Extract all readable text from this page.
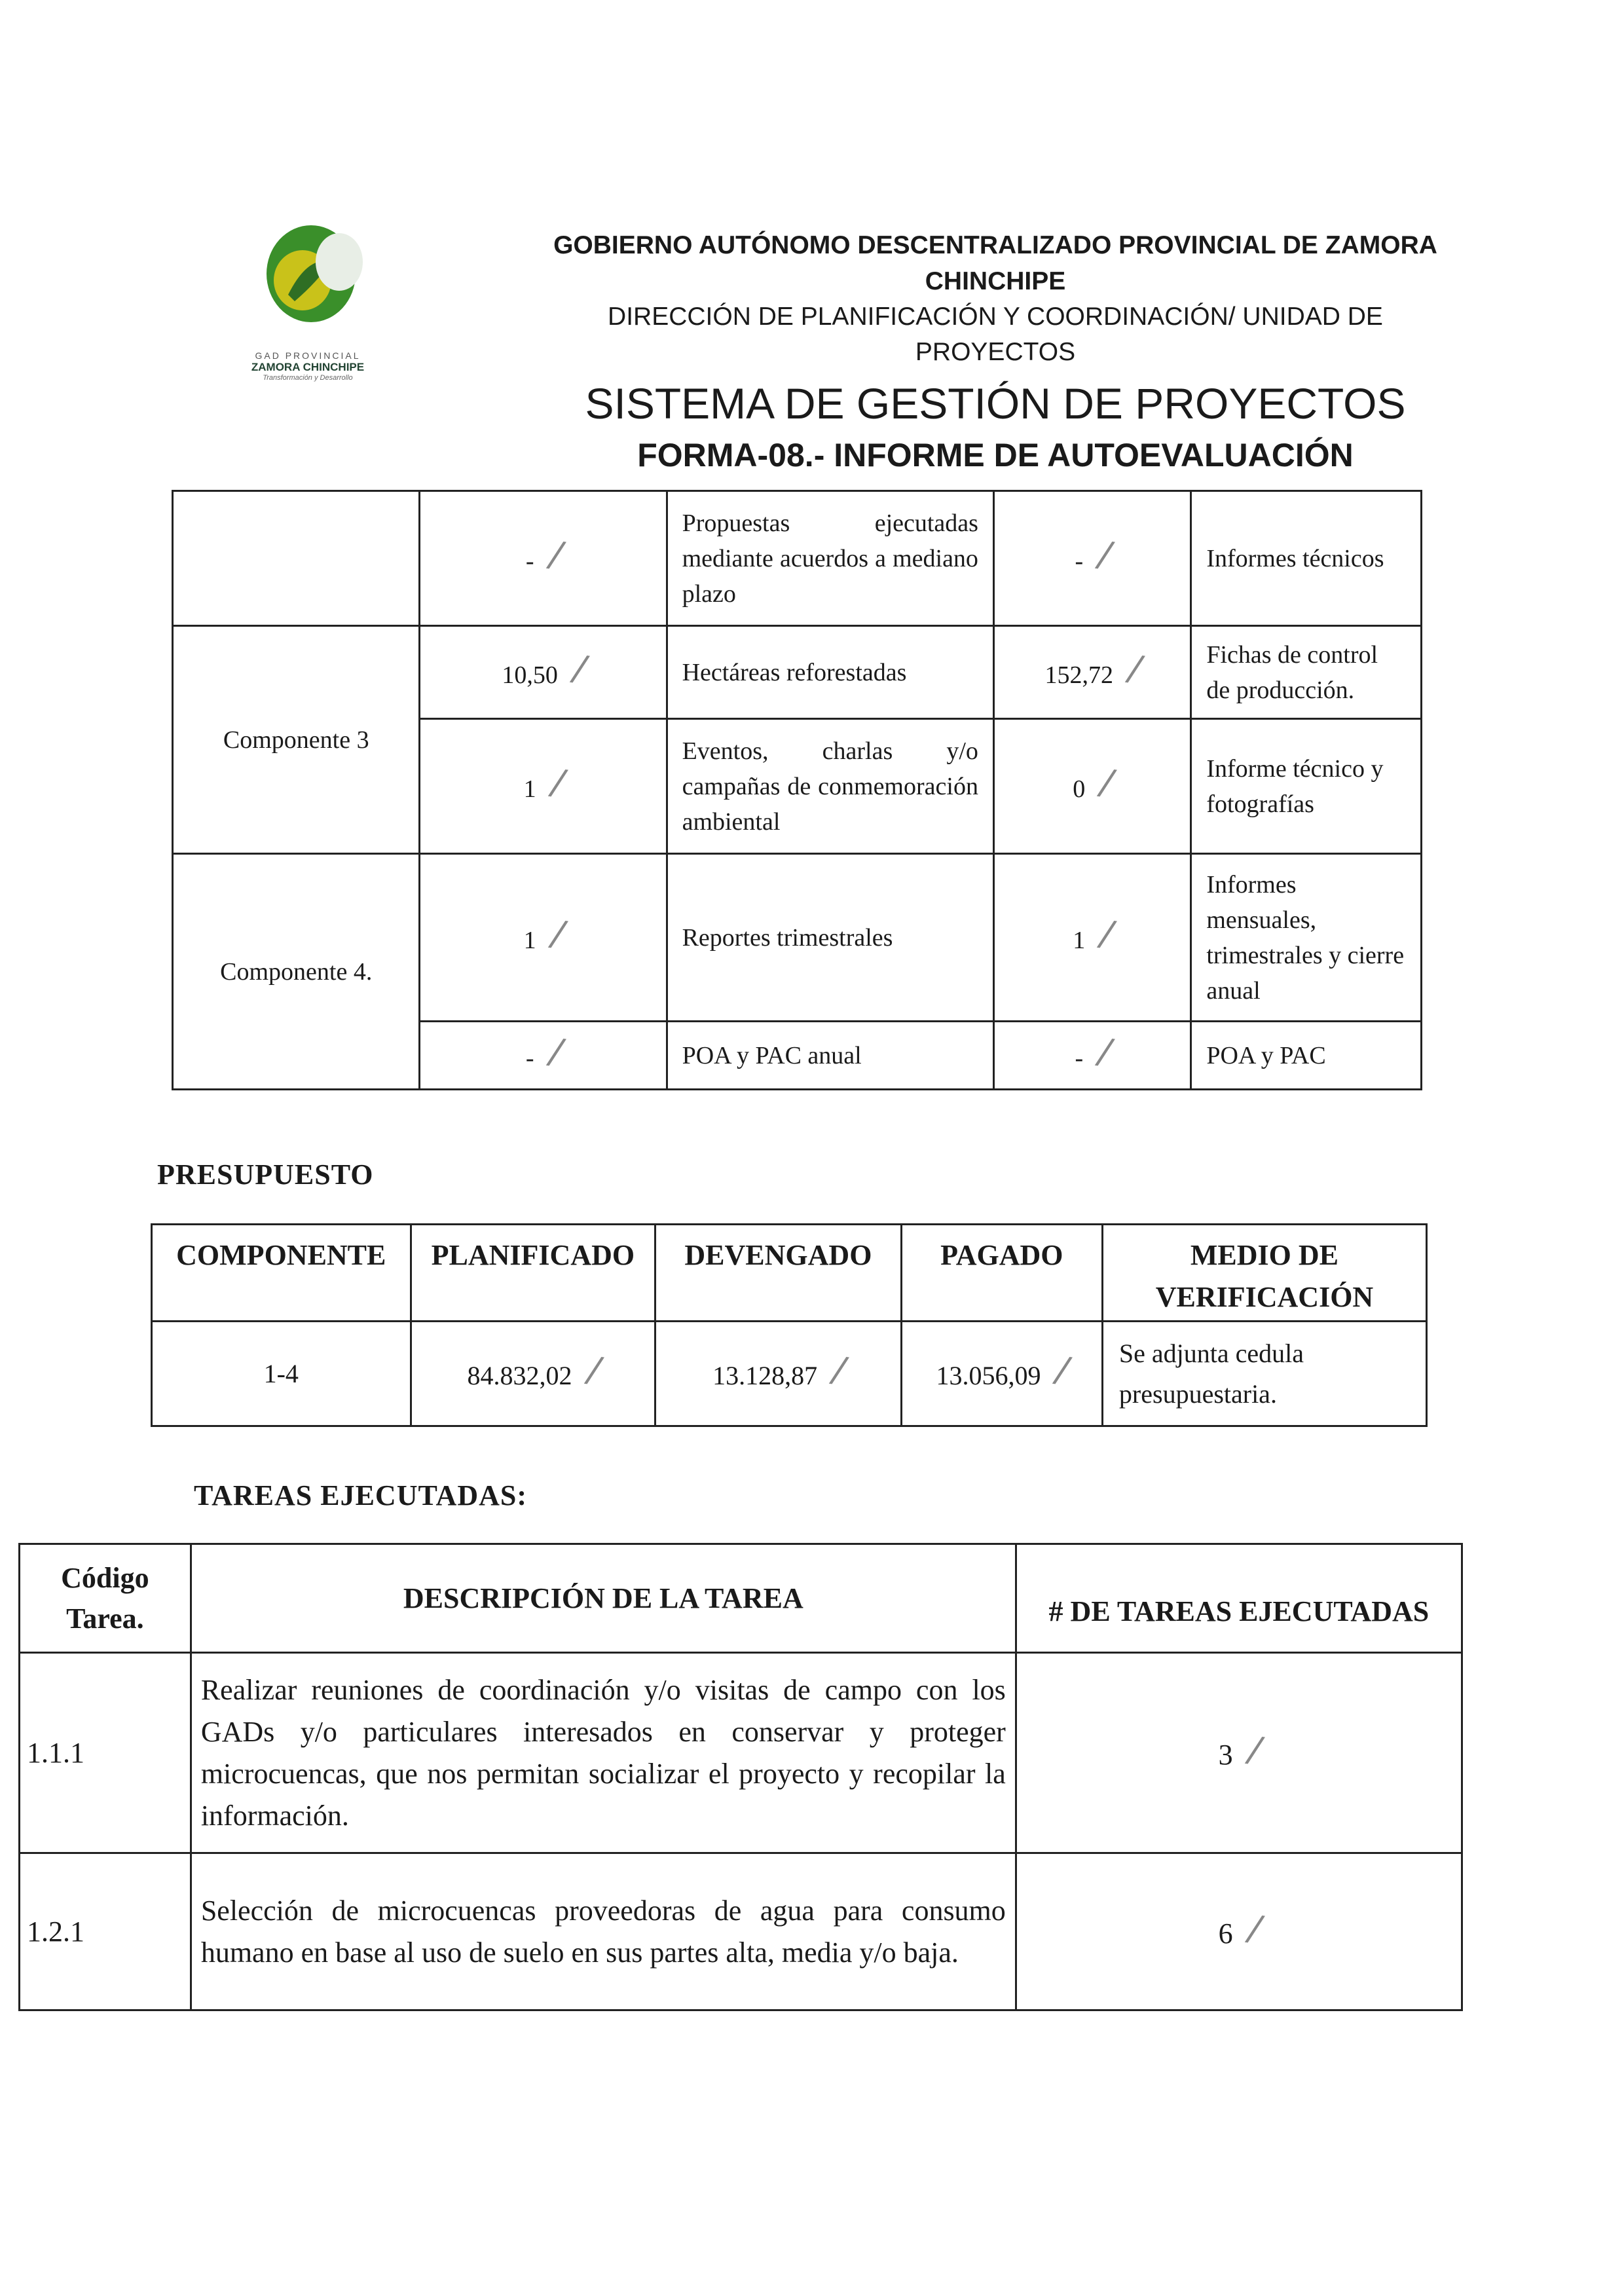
GAD PROVINCIAL
ZAMORA CHINCHIPE
Transformación y Desarrollo
GOBIERNO AUTÓNOMO DESCENTRALIZADO PROVINCIAL DE ZAMORA
CHINCHIPE
DIRECCIÓN DE PLANIFICACIÓN Y COORDINACIÓN/ UNIDAD DE
PROYECTOS
SISTEMA DE GESTIÓN DE PROYECTOS
FORMA-08.- INFORME DE AUTOEVALUACIÓN
	- /	Propuestas ejecutadas mediante acuerdos a mediano plazo	- /	Informes técnicos
Componente 3	10,50 /	Hectáreas reforestadas	152,72 /	Fichas de control de producción.
	1 /	Eventos, charlas y/o campañas de conmemoración ambiental	0 /	Informe técnico y fotografías
Componente 4.	1 /	Reportes trimestrales	1 /	Informes mensuales, trimestrales y cierre anual
	- /	POA y PAC anual	- /	POA y PAC
PRESUPUESTO
COMPONENTE	PLANIFICADO	DEVENGADO	PAGADO	MEDIO DE VERIFICACIÓN
1-4	84.832,02 /	13.128,87 /	13.056,09 /	Se adjunta cedula presupuestaria.
TAREAS EJECUTADAS:
Código Tarea.	DESCRIPCIÓN DE LA TAREA	# DE TAREAS EJECUTADAS
1.1.1	Realizar reuniones de coordinación y/o visitas de campo con los GADs y/o particulares interesados en conservar y proteger microcuencas, que nos permitan socializar el proyecto y recopilar la información.	3 /
1.2.1	Selección de microcuencas proveedoras de agua para consumo humano en base al uso de suelo en sus partes alta, media y/o baja.	6 /
